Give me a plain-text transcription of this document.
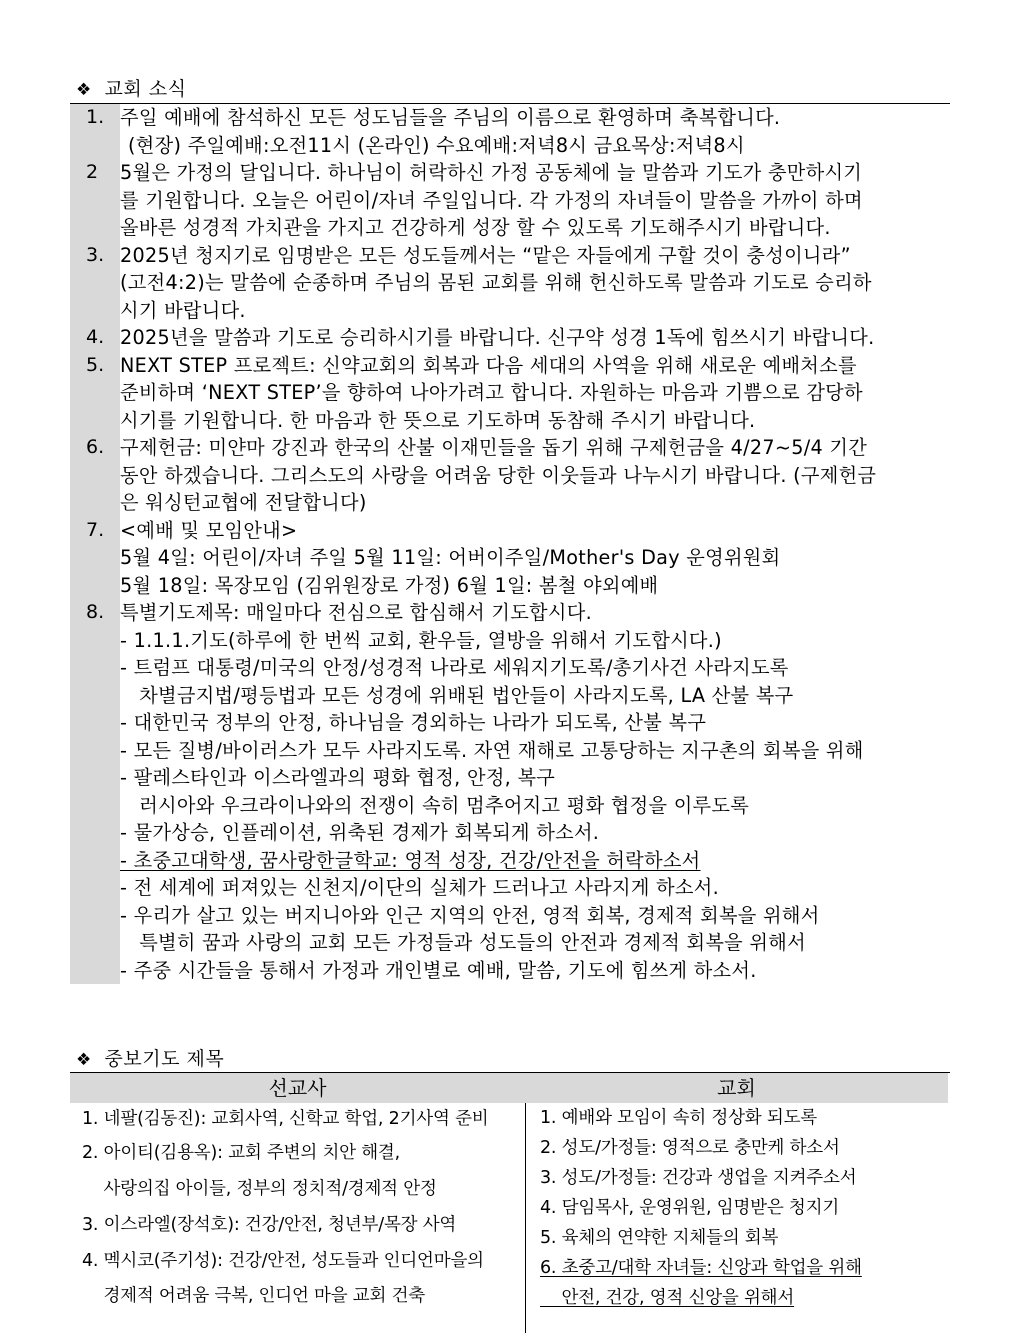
❖ 교회 소식
1. 주일 예배에 참석하신 모든 성도님들을 주님의 이름으로 환영하며 축복합니다.
(현장) 주일예배:오전11시 (온라인) 수요예배:저녁8시 금요목상:저녁8시
2	5월은 가정의 달입니다. 하나님이 허락하신 가정 공동체에 늘 말씀과 기도가 충만하시기
를 기원합니다. 오늘은 어린이/자녀 주일입니다. 각 가정의 자녀들이 말씀을 가까이 하며
올바른 성경적 가치관을 가지고 건강하게 성장 할 수 있도록 기도해주시기 바랍니다.
3. 2025년 청지기로 임명받은 모든 성도들께서는 “맡은 자들에게 구할 것이 충성이니라”
(고전4:2)는 말씀에 순종하며 주님의 몸된 교회를 위해 헌신하도록 말씀과 기도로 승리하
시기 바랍니다.
4. 2025년을 말씀과 기도로 승리하시기를 바랍니다. 신구약 성경 1독에 힘쓰시기 바랍니다.
5. NEXT STEP 프로젝트: 신약교회의 회복과 다음 세대의 사역을 위해 새로운 예배처소를
준비하며 ‘NEXT STEP’을 향하여 나아가려고 합니다. 자원하는 마음과 기쁨으로 감당하
시기를 기원합니다. 한 마음과 한 뜻으로 기도하며 동참해 주시기 바랍니다.
6. 구제헌금: 미얀마 강진과 한국의 산불 이재민들을 돕기 위해 구제헌금을 4/27~5/4 기간
동안 하겠습니다. 그리스도의 사랑을 어려움 당한 이웃들과 나누시기 바랍니다. (구제헌금
은 워싱턴교협에 전달합니다)
7. <예배 및 모임안내>
5월 4일: 어린이/자녀 주일 5월 11일: 어버이주일/Mother's Day 운영위원회
5월 18일: 목장모임 (김위원장로 가정) 6월 1일: 봄철 야외예배
8. 특별기도제목: 매일마다 전심으로 합심해서 기도합시다.
- 1.1.1.기도(하루에 한 번씩 교회, 환우들, 열방을 위해서 기도합시다.)
- 트럼프 대통령/미국의 안정/성경적 나라로 세워지기도록/총기사건 사라지도록
차별금지법/평등법과 모든 성경에 위배된 법안들이 사라지도록, LA 산불 복구
- 대한민국 정부의 안정, 하나님을 경외하는 나라가 되도록, 산불 복구
- 모든 질병/바이러스가 모두 사라지도록. 자연 재해로 고통당하는 지구촌의 회복을 위해
- 팔레스타인과 이스라엘과의 평화 협정, 안정, 복구
러시아와 우크라이나와의 전쟁이 속히 멈추어지고 평화 협정을 이루도록
- 물가상승, 인플레이션, 위축된 경제가 회복되게 하소서.
- 초중고대학생, 꿈사랑한글학교: 영적 성장, 건강/안전을 허락하소서
- 전 세계에 퍼져있는 신천지/이단의 실체가 드러나고 사라지게 하소서.
- 우리가 살고 있는 버지니아와 인근 지역의 안전, 영적 회복, 경제적 회복을 위해서
특별히 꿈과 사랑의 교회 모든 가정들과 성도들의 안전과 경제적 회복을 위해서
- 주중 시간들을 통해서 가정과 개인별로 예배, 말씀, 기도에 힘쓰게 하소서.
❖ 중보기도 제목
선교사	교회
1. 네팔(김동진): 교회사역, 신학교 학업, 2기사역 준비
2. 아이티(김용옥): 교회 주변의 치안 해결,
사랑의집 아이들, 정부의 정치적/경제적 안정
3. 이스라엘(장석호): 건강/안전, 청년부/목장 사역
4. 멕시코(주기성): 건강/안전, 성도들과 인디언마을의
경제적 어려움 극복, 인디언 마을 교회 건축
1. 예배와 모임이 속히 정상화 되도록
2. 성도/가정들: 영적으로 충만케 하소서
3. 성도/가정들: 건강과 생업을 지켜주소서
4. 담임목사, 운영위원, 임명받은 청지기
5. 육체의 연약한 지체들의 회복
6. 초중고/대학 자녀들: 신앙과 학업을 위해
안전, 건강, 영적 신앙을 위해서
